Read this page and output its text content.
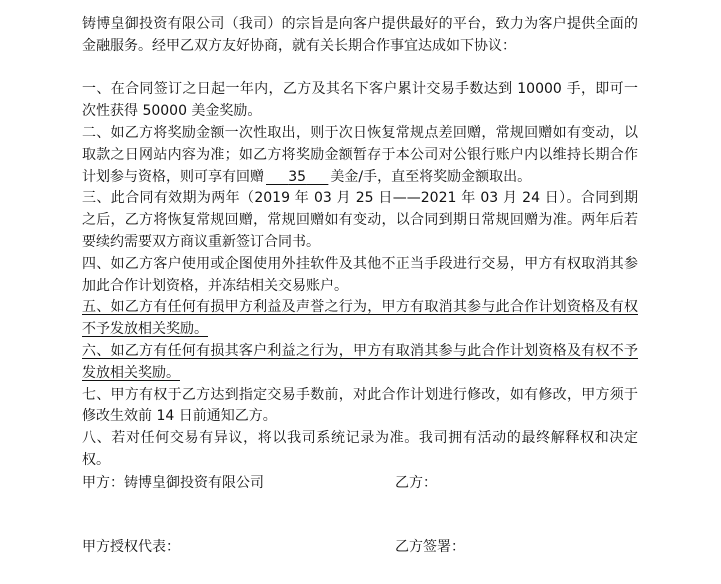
铸博皇御投资有限公司（我司）的宗旨是向客户提供最好的平台，致力为客户提供全面的金融服务。经甲乙双方友好协商，就有关长期合作事宜达成如下协议：

一、在合同签订之日起一年内，乙方及其名下客户累计交易手数达到 10000 手，即可一次性获得 50000 美金奖励。

二、如乙方将奖励金额一次性取出，则于次日恢复常规点差回赠，常规回赠如有变动，以取款之日网站内容为准；如乙方将奖励金额暂存于本公司对公银行账户内以维持长期合作计划参与资格，则可享有回赠 35 美金/手，直至将奖励金额取出。

三、此合同有效期为两年（2019 年 03 月 25 日——2021 年 03 月 24 日）。合同到期之后，乙方将恢复常规回赠，常规回赠如有变动，以合同到期日常规回赠为准。两年后若要续约需要双方商议重新签订合同书。

四、如乙方客户使用或企图使用外挂软件及其他不正当手段进行交易，甲方有权取消其参加此合作计划资格，并冻结相关交易账户。

五、如乙方有任何有损甲方利益及声誉之行为，甲方有取消其参与此合作计划资格及有权不予发放相关奖励。

六、如乙方有任何有损其客户利益之行为，甲方有取消其参与此合作计划资格及有权不予发放相关奖励。

七、甲方有权于乙方达到指定交易手数前，对此合作计划进行修改，如有修改，甲方须于修改生效前 14 日前通知乙方。

八、若对任何交易有异议，将以我司系统记录为准。我司拥有活动的最终解释权和决定权。

甲方：铸博皇御投资有限公司	乙方：
甲方授权代表：	乙方签署：
